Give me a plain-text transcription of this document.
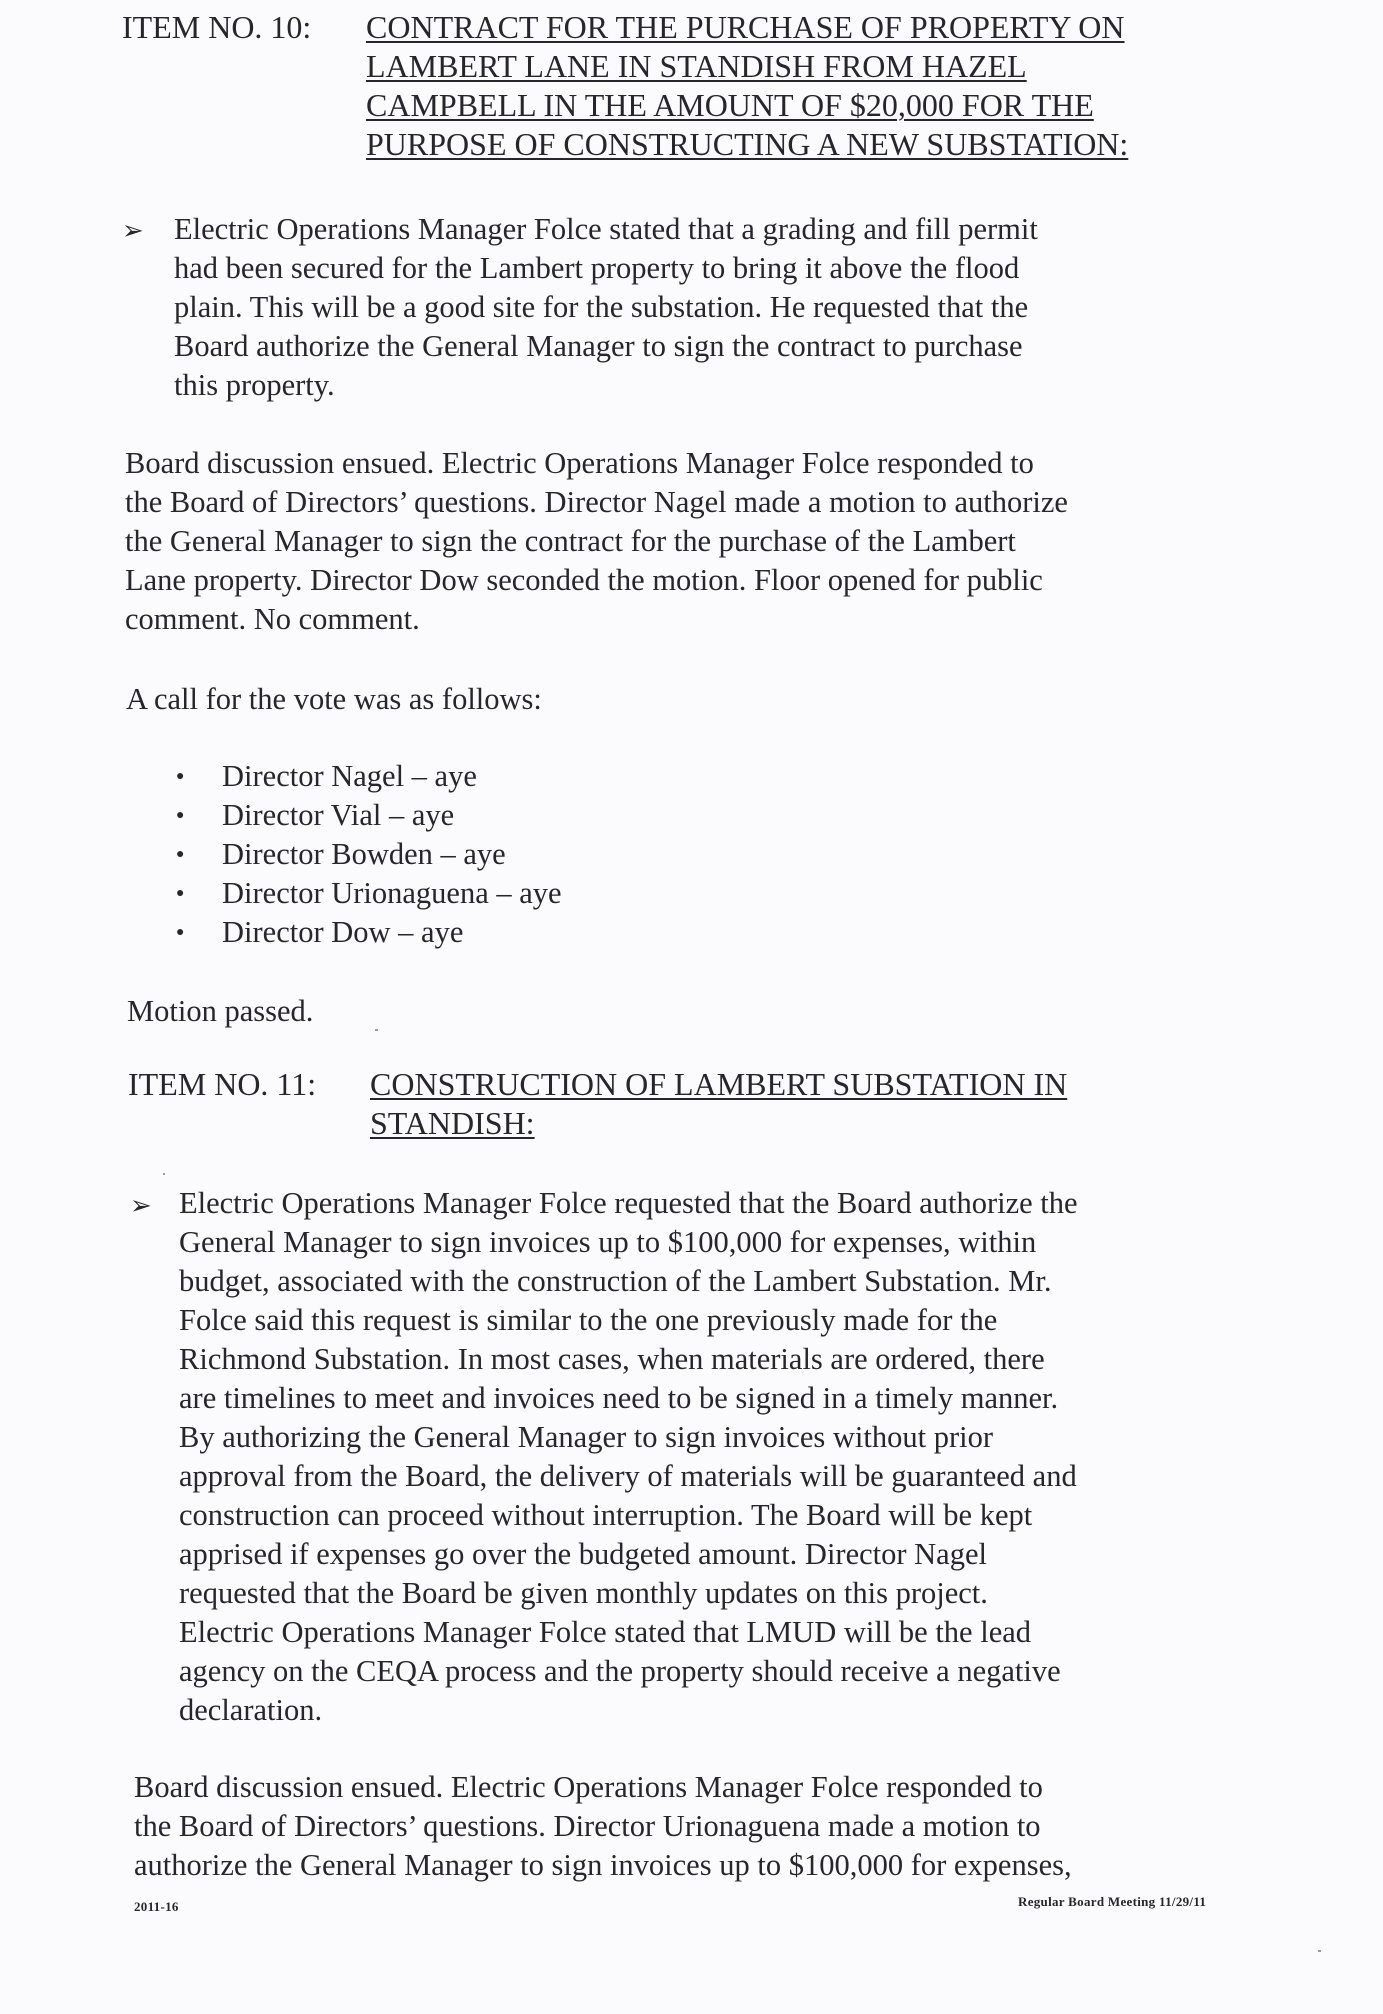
ITEM NO. 10: CONTRACT FOR THE PURCHASE OF PROPERTY ON
LAMBERT LANE IN STANDISH FROM HAZEL
CAMPBELL IN THE AMOUNT OF $20,000 FOR THE
PURPOSE OF CONSTRUCTING A NEW SUBSTATION:
➢ Electric Operations Manager Folce stated that a grading and fill permit
had been secured for the Lambert property to bring it above the flood
plain. This will be a good site for the substation. He requested that the
Board authorize the General Manager to sign the contract to purchase
this property.
Board discussion ensued. Electric Operations Manager Folce responded to
the Board of Directors’ questions. Director Nagel made a motion to authorize
the General Manager to sign the contract for the purchase of the Lambert
Lane property. Director Dow seconded the motion. Floor opened for public
comment. No comment.
A call for the vote was as follows:
● Director Nagel – aye
● Director Vial – aye
● Director Bowden – aye
● Director Urionaguena – aye
● Director Dow – aye
Motion passed.
ITEM NO. 11: CONSTRUCTION OF LAMBERT SUBSTATION IN
STANDISH:
➢ Electric Operations Manager Folce requested that the Board authorize the
General Manager to sign invoices up to $100,000 for expenses, within
budget, associated with the construction of the Lambert Substation. Mr.
Folce said this request is similar to the one previously made for the
Richmond Substation. In most cases, when materials are ordered, there
are timelines to meet and invoices need to be signed in a timely manner.
By authorizing the General Manager to sign invoices without prior
approval from the Board, the delivery of materials will be guaranteed and
construction can proceed without interruption. The Board will be kept
apprised if expenses go over the budgeted amount. Director Nagel
requested that the Board be given monthly updates on this project.
Electric Operations Manager Folce stated that LMUD will be the lead
agency on the CEQA process and the property should receive a negative
declaration.
Board discussion ensued. Electric Operations Manager Folce responded to
the Board of Directors’ questions. Director Urionaguena made a motion to
authorize the General Manager to sign invoices up to $100,000 for expenses,
2011-16	Regular Board Meeting 11/29/11
